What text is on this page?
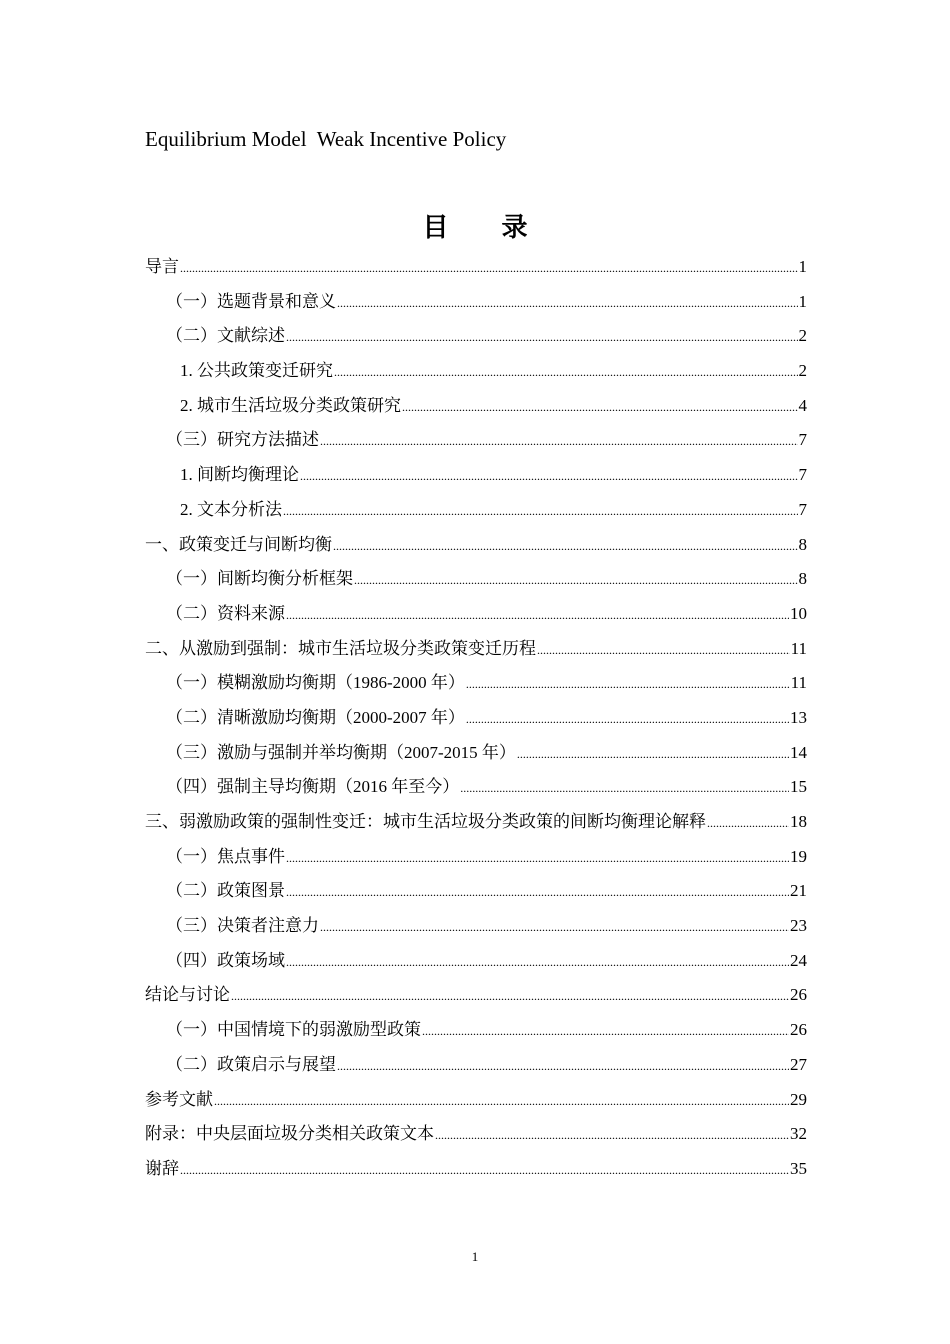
Equilibrium Model  Weak Incentive Policy
目 录
导言 .....	1
（一）选题背景和意义 .....	1
（二）文献综述 .....	2
1. 公共政策变迁研究 .....	2
2. 城市生活垃圾分类政策研究 .....	4
（三）研究方法描述 .....	7
1. 间断均衡理论 .....	7
2. 文本分析法 .....	7
一、政策变迁与间断均衡 .....	8
（一）间断均衡分析框架 .....	8
（二）资料来源 .....	10
二、从激励到强制：城市生活垃圾分类政策变迁历程 .....	11
（一）模糊激励均衡期（1986-2000 年） .....	11
（二）清晰激励均衡期（2000-2007 年） .....	13
（三）激励与强制并举均衡期（2007-2015 年） .....	14
（四）强制主导均衡期（2016 年至今） .....	15
三、弱激励政策的强制性变迁：城市生活垃圾分类政策的间断均衡理论解释 .....	18
（一）焦点事件 .....	19
（二）政策图景 .....	21
（三）决策者注意力 .....	23
（四）政策场域 .....	24
结论与讨论 .....	26
（一）中国情境下的弱激励型政策 .....	26
（二）政策启示与展望 .....	27
参考文献 .....	29
附录：中央层面垃圾分类相关政策文本 .....	32
谢辞 .....	35
1
